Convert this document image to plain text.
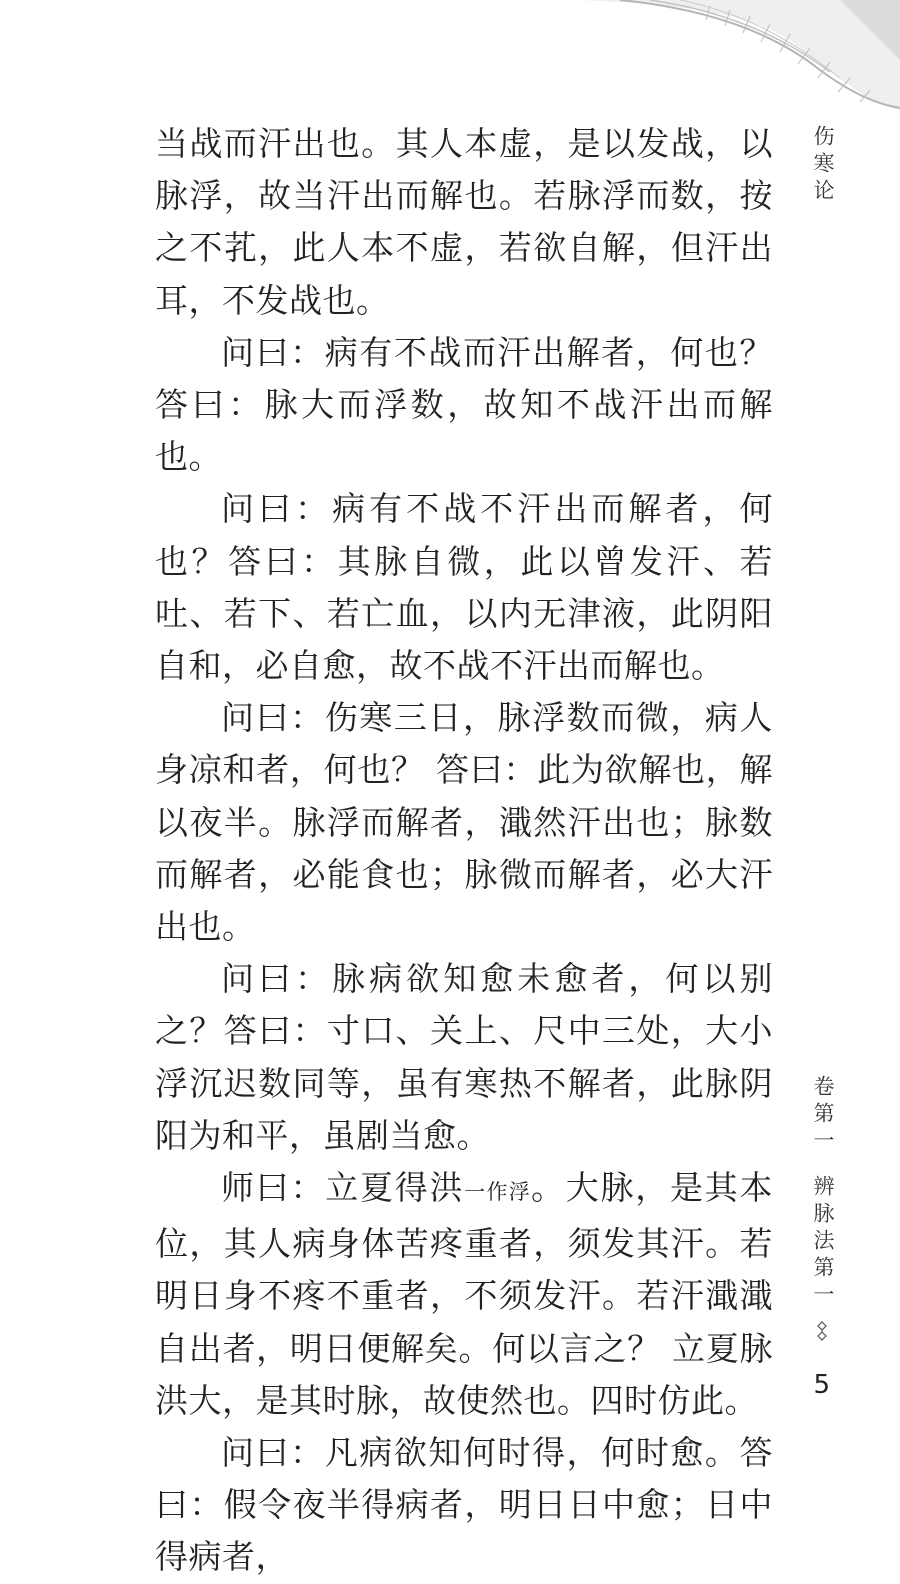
当战而汗出也。其人本虚，是以发战，以脉浮，故当汗出而解也。若脉浮而数，按之不芤，此人本不虚，若欲自解，但汗出耳，不发战也。

问曰：病有不战而汗出解者，何也？答曰：脉大而浮数，故知不战汗出而解也。

问曰：病有不战不汗出而解者，何也？答曰：其脉自微，此以曾发汗、若吐、若下、若亡血，以内无津液，此阴阳自和，必自愈，故不战不汗出而解也。

问曰：伤寒三日，脉浮数而微，病人身凉和者，何也？ 答曰：此为欲解也，解以夜半。脉浮而解者，濈然汗出也；脉数而解者，必能食也；脉微而解者，必大汗出也。

问曰：脉病欲知愈未愈者，何以别之？答曰：寸口、关上、尺中三处，大小浮沉迟数同等，虽有寒热不解者，此脉阴阳为和平，虽剧当愈。

师曰：立夏得洪一作浮。大脉，是其本位，其人病身体苦疼重者，须发其汗。若明日身不疼不重者，不须发汗。若汗濈濈自出者，明日便解矣。何以言之？ 立夏脉洪大，是其时脉，故使然也。四时仿此。

问曰：凡病欲知何时得，何时愈。答曰：假令夜半得病者，明日日中愈；日中得病者，

伤寒论
卷第一
辨脉法第一
5
